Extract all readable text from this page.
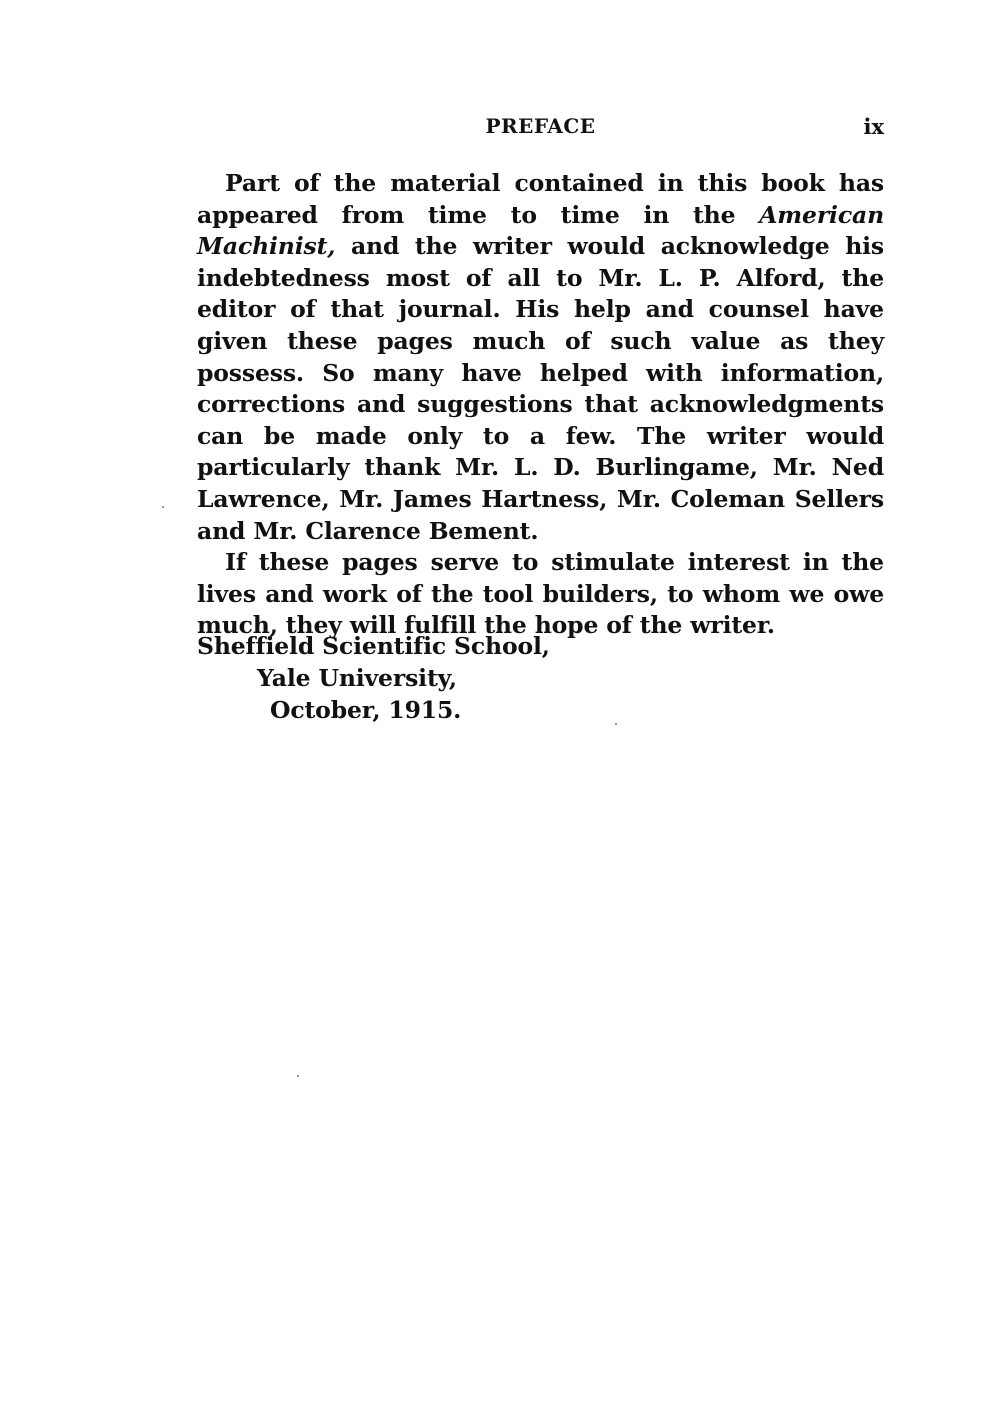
PREFACE	ix

Part of the material contained in this book has appeared from time to time in the American Machinist, and the writer would acknowledge his indebtedness most of all to Mr. L. P. Alford, the editor of that journal. His help and counsel have given these pages much of such value as they possess. So many have helped with information, corrections and suggestions that acknowledgments can be made only to a few. The writer would particularly thank Mr. L. D. Burlingame, Mr. Ned Lawrence, Mr. James Hartness, Mr. Coleman Sellers and Mr. Clarence Bement.

If these pages serve to stimulate interest in the lives and work of the tool builders, to whom we owe much, they will fulfill the hope of the writer.

Sheffield Scientific School,
Yale University,
October, 1915.
